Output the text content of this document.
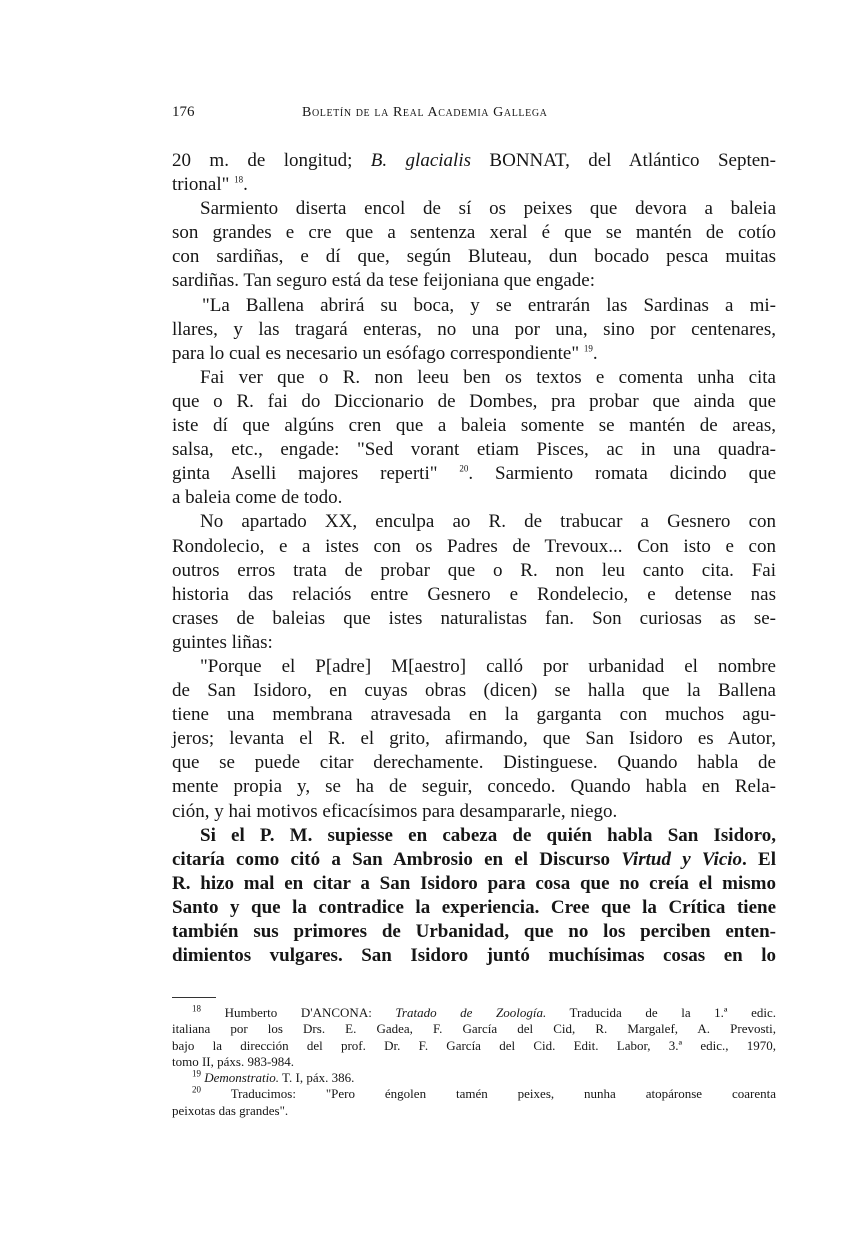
176	Boletín de la Real Academia Gallega
20 m. de longitud; B. glacialis BONNAT, del Atlántico Septen-
trional" $^{18}$.
Sarmiento diserta encol de sí os peixes que devora a baleia
son grandes e cre que a sentenza xeral é que se mantén de cotío
con sardiñas, e dí que, según Bluteau, dun bocado pesca muitas
sardiñas. Tan seguro está da tese feijoniana que engade:
"La Ballena abrirá su boca, y se entrarán las Sardinas a mi-
llares, y las tragará enteras, no una por una, sino por centenares,
para lo cual es necesario un esófago correspondiente" $^{19}$.
Fai ver que o R. non leeu ben os textos e comenta unha cita
que o R. fai do Diccionario de Dombes, pra probar que ainda que
iste dí que algúns cren que a baleia somente se mantén de areas,
salsa, etc., engade: "Sed vorant etiam Pisces, ac in una quadra-
ginta Aselli majores reperti" $^{20}$. Sarmiento romata dicindo que
a baleia come de todo.
No apartado XX, enculpa ao R. de trabucar a Gesnero con
Rondolecio, e a istes con os Padres de Trevoux... Con isto e con
outros erros trata de probar que o R. non leu canto cita. Fai
historia das relaciós entre Gesnero e Rondelecio, e detense nas
crases de baleias que istes naturalistas fan. Son curiosas as se-
guintes liñas:
"Porque el P[adre] M[aestro] calló por urbanidad el nombre
de San Isidoro, en cuyas obras (dicen) se halla que la Ballena
tiene una membrana atravesada en la garganta con muchos agu-
jeros; levanta el R. el grito, afirmando, que San Isidoro es Autor,
que se puede citar derechamente. Distinguese. Quando habla de
mente propia y, se ha de seguir, concedo. Quando habla en Rela-
ción, y hai motivos eficacísimos para desampararle, niego.
Si el P. M. supiesse en cabeza de quién habla San Isidoro,
citaría como citó a San Ambrosio en el Discurso Virtud y Vicio. El
R. hizo mal en citar a San Isidoro para cosa que no creía el mismo
Santo y que la contradice la experiencia. Cree que la Crítica tiene
también sus primores de Urbanidad, que no los perciben enten-
dimientos vulgares. San Isidoro juntó muchísimas cosas en lo
$^{18}$ Humberto D'ANCONA: Tratado de Zoología. Traducida de la 1.ª edic.
italiana por los Drs. E. Gadea, F. García del Cid, R. Margalef, A. Prevosti,
bajo la dirección del prof. Dr. F. García del Cid. Edit. Labor, 3.ª edic., 1970,
tomo II, páxs. 983-984.
$^{19}$ Demonstratio. T. I, páx. 386.
$^{20}$ Traducimos: "Pero éngolen tamén peixes, nunha atopáronse coarenta
peixotas das grandes".
